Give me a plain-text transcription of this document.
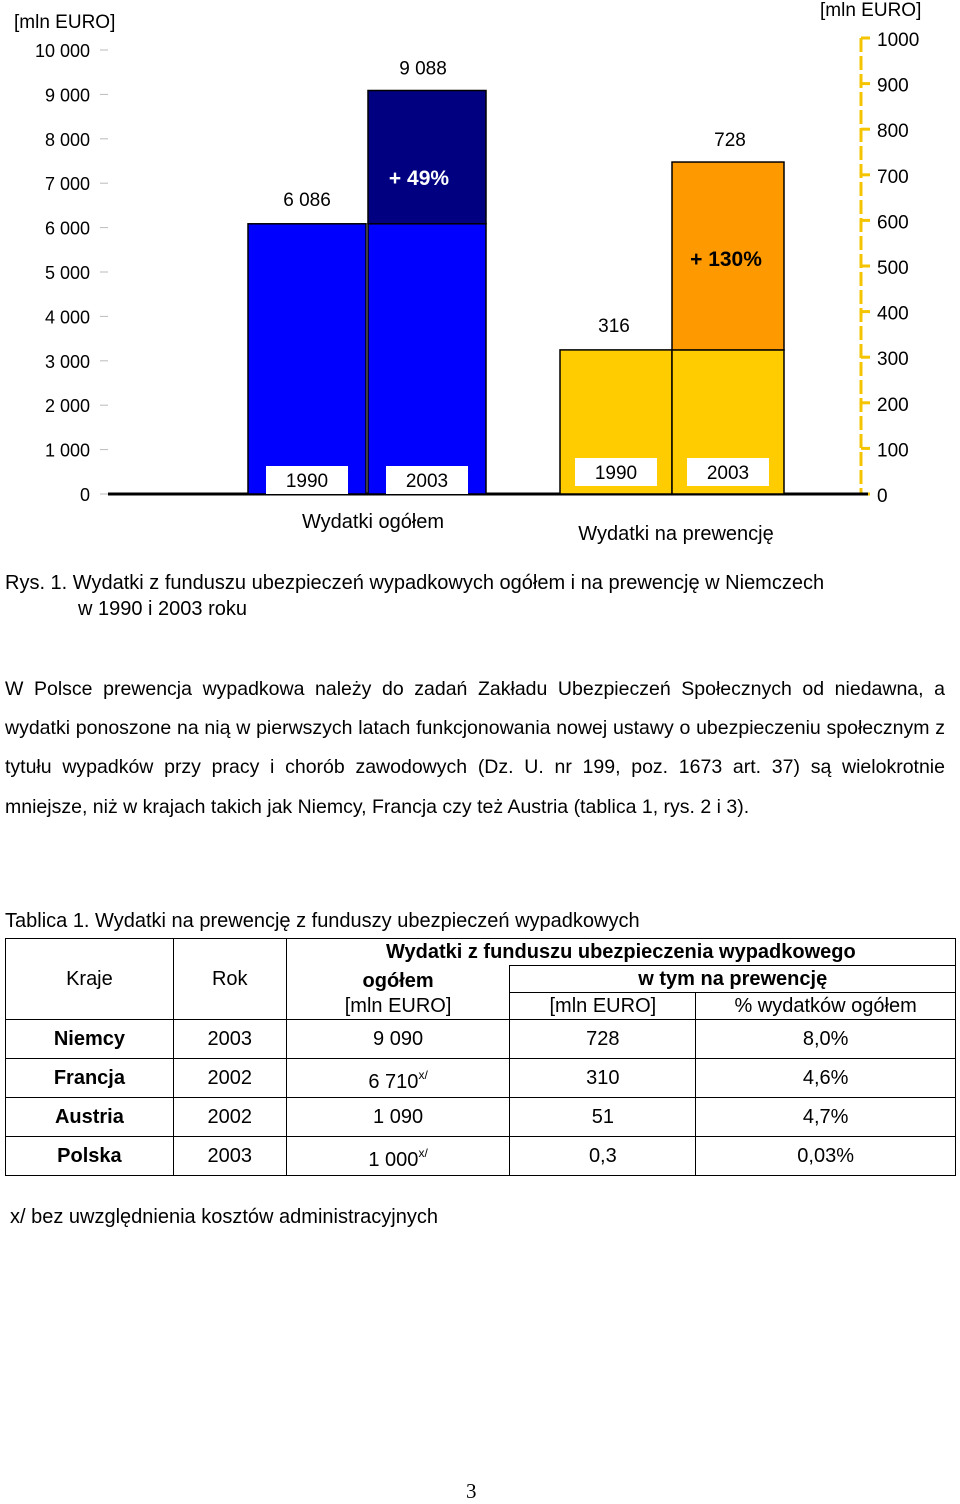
[mln EURO]
[mln EURO]
10 000
9 000
8 000
7 000
6 000
5 000
4 000
3 000
2 000
1 000
0
1000
900
800
700
600
500
400
300
200
100
0
6 086
9 088
+ 49%
316
728
+ 130%
1990	2003	1990	2003
Wydatki ogółem
Wydatki na prewencję
Rys. 1. Wydatki z funduszu ubezpieczeń wypadkowych ogółem i na prewencję w Niemczech
w 1990 i 2003 roku
W Polsce prewencja wypadkowa należy do zadań Zakładu Ubezpieczeń Społecznych od niedawna, a wydatki ponoszone na nią w pierwszych latach funkcjonowania nowej ustawy o ubezpieczeniu społecznym z tytułu wypadków przy pracy i chorób zawodowych (Dz. U. nr 199, poz. 1673 art. 37) są wielokrotnie mniejsze, niż w krajach takich jak Niemcy, Francja czy też Austria (tablica 1, rys. 2 i 3).
Tablica 1. Wydatki na prewencję z funduszy ubezpieczeń wypadkowych
Kraje	Rok	Wydatki z funduszu ubezpieczenia wypadkowego		
		ogółem	w tym na prewencję	
		[mln EURO]	[mln EURO]	% wydatków ogółem
Niemcy	2003	9 090	728	8,0%
Francja	2002	6 $710^{x/}$	310	4,6%
Austria	2002	1 090	51	4,7%
Polska	2003	1 $000^{x/}$	0,3	0,03%
x/ bez uwzględnienia kosztów administracyjnych
3
